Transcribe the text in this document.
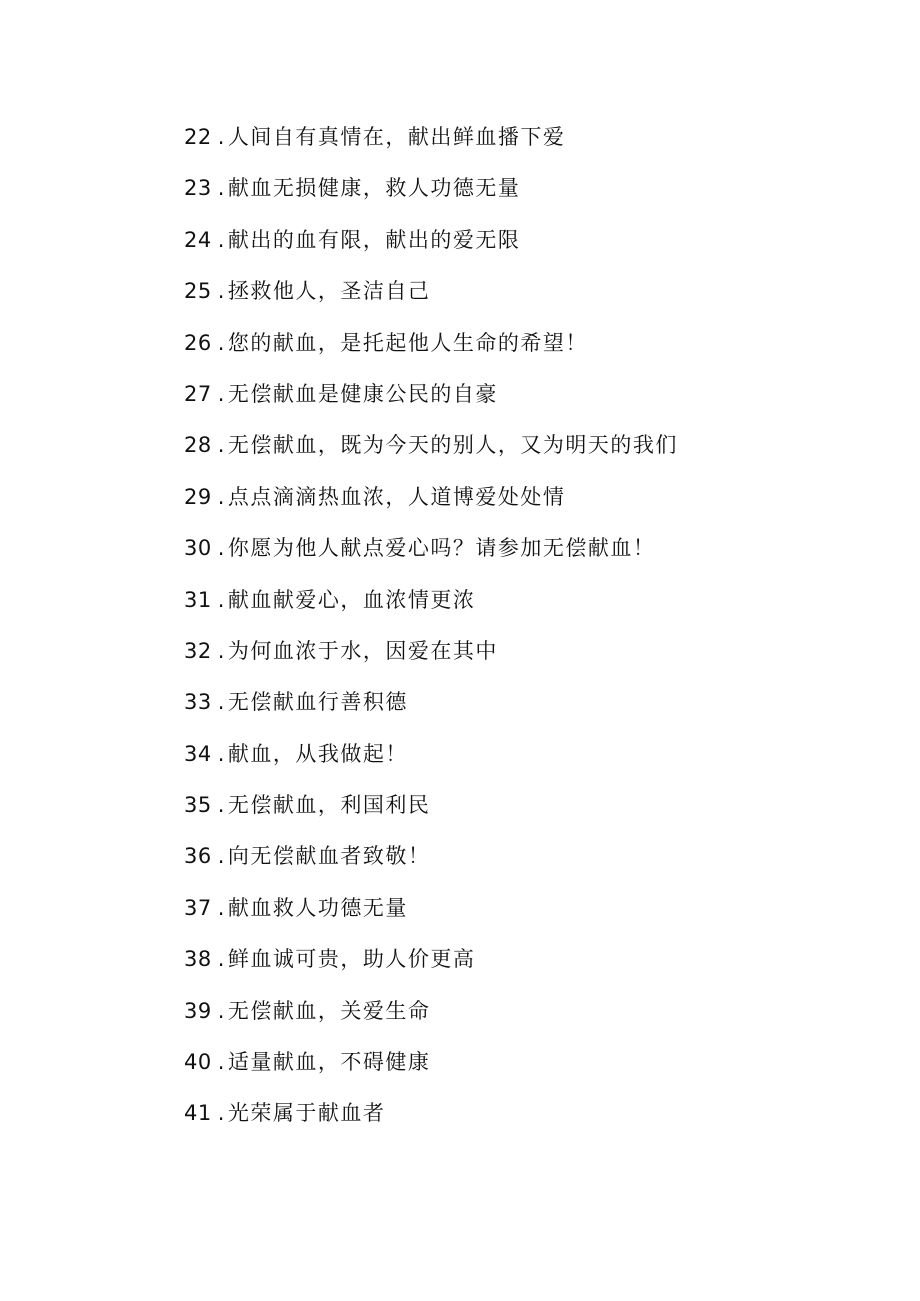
22 .人间自有真情在，献出鲜血播下爱
23 .献血无损健康，救人功德无量
24 .献出的血有限，献出的爱无限
25 .拯救他人，圣洁自己
26 .您的献血，是托起他人生命的希望！
27 .无偿献血是健康公民的自豪
28 .无偿献血，既为今天的别人，又为明天的我们
29 .点点滴滴热血浓，人道博爱处处情
30 .你愿为他人献点爱心吗？请参加无偿献血！
31 .献血献爱心，血浓情更浓
32 .为何血浓于水，因爱在其中
33 .无偿献血行善积德
34 .献血，从我做起！
35 .无偿献血，利国利民
36 .向无偿献血者致敬！
37 .献血救人功德无量
38 .鲜血诚可贵，助人价更高
39 .无偿献血，关爱生命
40 .适量献血，不碍健康
41 .光荣属于献血者
